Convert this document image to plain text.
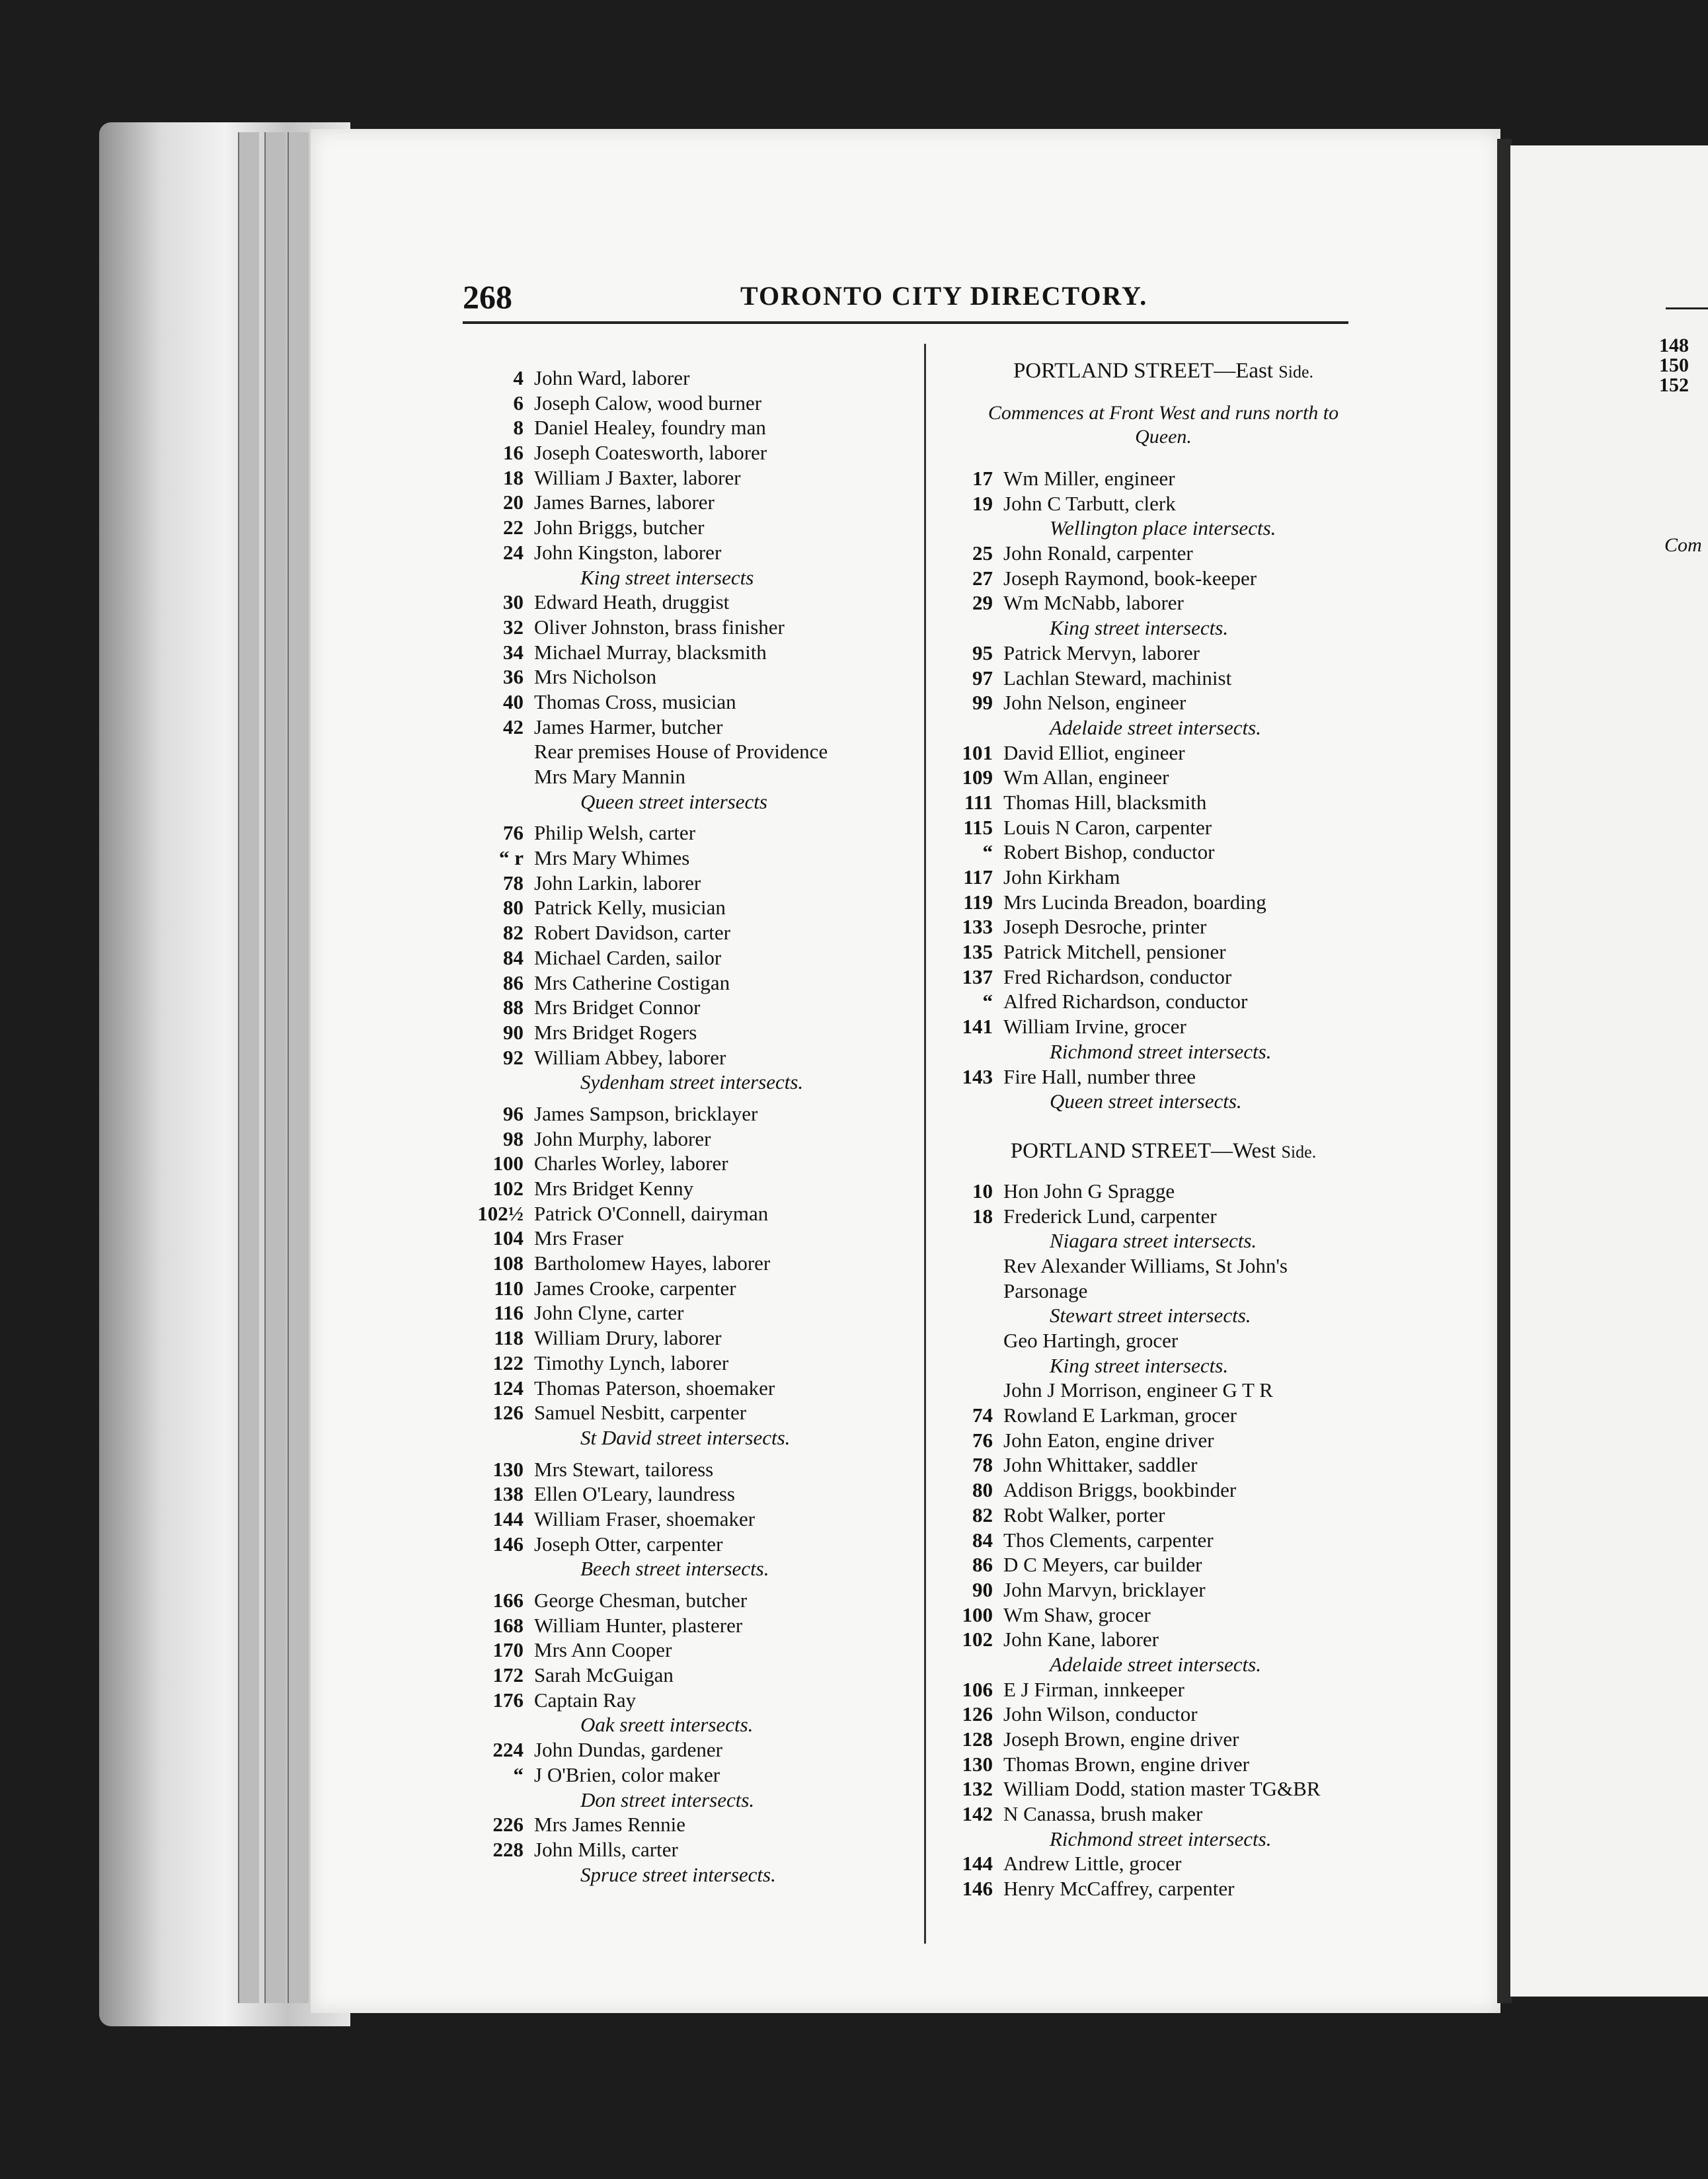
268	TORONTO CITY DIRECTORY.
4 John Ward, laborer
6 Joseph Calow, wood burner
8 Daniel Healey, foundry man
16 Joseph Coatesworth, laborer
18 William J Baxter, laborer
20 James Barnes, laborer
22 John Briggs, butcher
24 John Kingston, laborer
King street intersects
30 Edward Heath, druggist
32 Oliver Johnston, brass finisher
34 Michael Murray, blacksmith
36 Mrs Nicholson
40 Thomas Cross, musician
42 James Harmer, butcher
Rear premises House of Providence
Mrs Mary Mannin
Queen street intersects
76 Philip Welsh, carter
“ r Mrs Mary Whimes
78 John Larkin, laborer
80 Patrick Kelly, musician
82 Robert Davidson, carter
84 Michael Carden, sailor
86 Mrs Catherine Costigan
88 Mrs Bridget Connor
90 Mrs Bridget Rogers
92 William Abbey, laborer
Sydenham street intersects.
96 James Sampson, bricklayer
98 John Murphy, laborer
100 Charles Worley, laborer
102 Mrs Bridget Kenny
102½ Patrick O'Connell, dairyman
104 Mrs Fraser
108 Bartholomew Hayes, laborer
110 James Crooke, carpenter
116 John Clyne, carter
118 William Drury, laborer
122 Timothy Lynch, laborer
124 Thomas Paterson, shoemaker
126 Samuel Nesbitt, carpenter
St David street intersects.
130 Mrs Stewart, tailoress
138 Ellen O'Leary, laundress
144 William Fraser, shoemaker
146 Joseph Otter, carpenter
Beech street intersects.
166 George Chesman, butcher
168 William Hunter, plasterer
170 Mrs Ann Cooper
172 Sarah McGuigan
176 Captain Ray
Oak sreett intersects.
224 John Dundas, gardener
“ J O'Brien, color maker
Don street intersects.
226 Mrs James Rennie
228 John Mills, carter
Spruce street intersects.
PORTLAND STREET—East Side.
Commences at Front West and runs north to
Queen.
17 Wm Miller, engineer
19 John C Tarbutt, clerk
Wellington place intersects.
25 John Ronald, carpenter
27 Joseph Raymond, book-keeper
29 Wm McNabb, laborer
King street intersects.
95 Patrick Mervyn, laborer
97 Lachlan Steward, machinist
99 John Nelson, engineer
Adelaide street intersects.
101 David Elliot, engineer
109 Wm Allan, engineer
111 Thomas Hill, blacksmith
115 Louis N Caron, carpenter
“ Robert Bishop, conductor
117 John Kirkham
119 Mrs Lucinda Breadon, boarding
133 Joseph Desroche, printer
135 Patrick Mitchell, pensioner
137 Fred Richardson, conductor
“ Alfred Richardson, conductor
141 William Irvine, grocer
Richmond street intersects.
143 Fire Hall, number three
Queen street intersects.
PORTLAND STREET—West Side.
10 Hon John G Spragge
18 Frederick Lund, carpenter
Niagara street intersects.
Rev Alexander Williams, St John's
Parsonage
Stewart street intersects.
Geo Hartingh, grocer
King street intersects.
John J Morrison, engineer G T R
74 Rowland E Larkman, grocer
76 John Eaton, engine driver
78 John Whittaker, saddler
80 Addison Briggs, bookbinder
82 Robt Walker, porter
84 Thos Clements, carpenter
86 D C Meyers, car builder
90 John Marvyn, bricklayer
100 Wm Shaw, grocer
102 John Kane, laborer
Adelaide street intersects.
106 E J Firman, innkeeper
126 John Wilson, conductor
128 Joseph Brown, engine driver
130 Thomas Brown, engine driver
132 William Dodd, station master TG&BR
142 N Canassa, brush maker
Richmond street intersects.
144 Andrew Little, grocer
146 Henry McCaffrey, carpenter
148
150
152
Com
